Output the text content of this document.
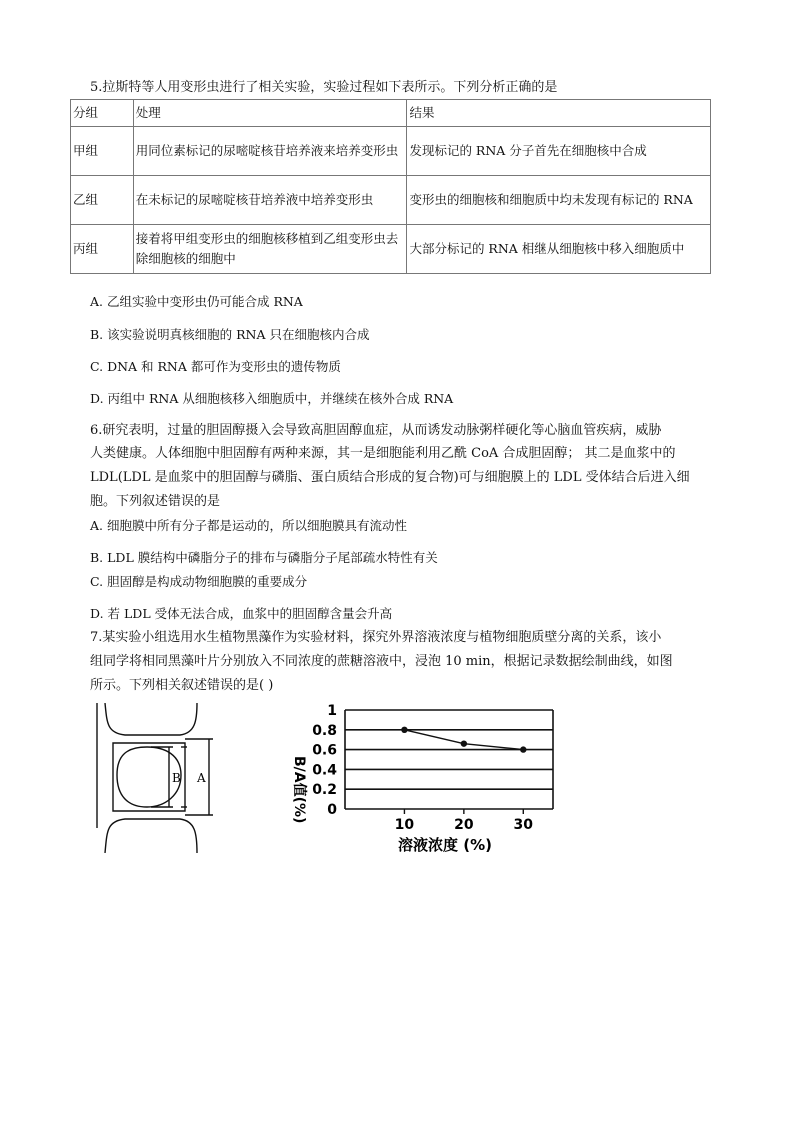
5.拉斯特等人用变形虫进行了相关实验，实验过程如下表所示。下列分析正确的是
分组	处理	结果
甲组	用同位素标记的尿嘧啶核苷培养液来培养变形虫	发现标记的 RNA 分子首先在细胞核中合成
乙组	在未标记的尿嘧啶核苷培养液中培养变形虫	变形虫的细胞核和细胞质中均未发现有标记的 RNA
丙组	接着将甲组变形虫的细胞核移植到乙组变形虫去除细胞核的细胞中	大部分标记的 RNA 相继从细胞核中移入细胞质中
A. 乙组实验中变形虫仍可能合成 RNA
B. 该实验说明真核细胞的 RNA 只在细胞核内合成
C. DNA 和 RNA 都可作为变形虫的遗传物质
D. 丙组中 RNA 从细胞核移入细胞质中，并继续在核外合成 RNA
6.研究表明，过量的胆固醇摄入会导致高胆固醇血症，从而诱发动脉粥样硬化等心脑血管疾病，威胁
人类健康。人体细胞中胆固醇有两种来源，其一是细胞能利用乙酰 CoA 合成胆固醇； 其二是血浆中的
LDL(LDL 是血浆中的胆固醇与磷脂、蛋白质结合形成的复合物)可与细胞膜上的 LDL 受体结合后进入细
胞。下列叙述错误的是
A. 细胞膜中所有分子都是运动的，所以细胞膜具有流动性
B. LDL 膜结构中磷脂分子的排布与磷脂分子尾部疏水特性有关
C. 胆固醇是构成动物细胞膜的重要成分
D. 若 LDL 受体无法合成，血浆中的胆固醇含量会升高
7.某实验小组选用水生植物黑藻作为实验材料，探究外界溶液浓度与植物细胞质壁分离的关系，该小
组同学将相同黑藻叶片分别放入不同浓度的蔗糖溶液中，浸泡 10 min，根据记录数据绘制曲线，如图
所示。下列相关叙述错误的是( )
B A
0
0.2
0.4
0.6
0.8
1
10	20	30
B/A值(%)
溶液浓度 (%)
